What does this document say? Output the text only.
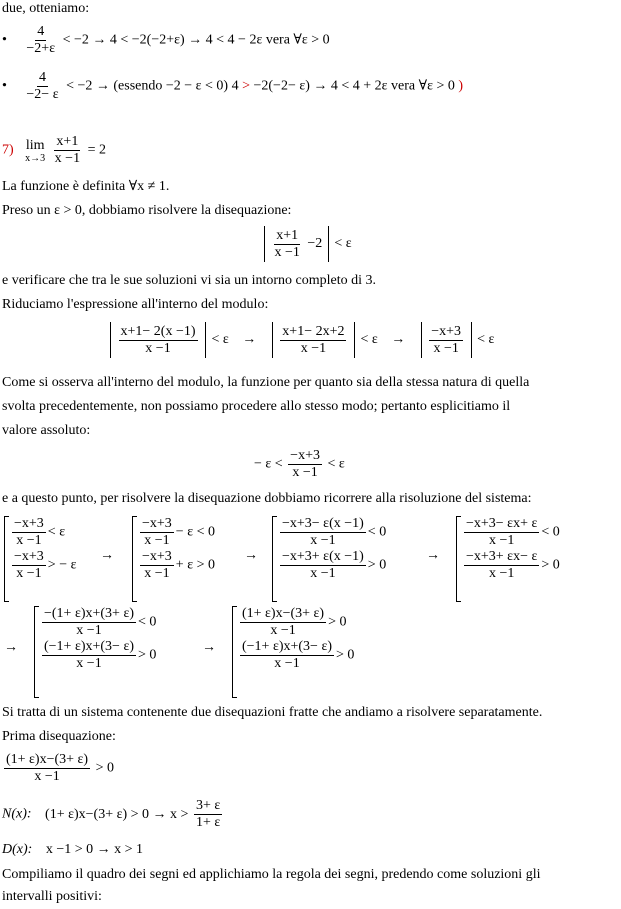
due, otteniamo:
• $\frac{4}{-2+\varepsilon} < -2 \to 4 < -2(-2+\varepsilon) \to 4 < 4 - 2\varepsilon$ vera ∀ε > 0
• $\frac{4}{-2- \varepsilon} < -2$ → (essendo −2 − ε < 0) 4 > −2(−2− ε) → 4 < 4 + 2ε vera ∀ε > 0 )
7) lim
x→3
$\frac{x+1}{x -1} = 2$
La funzione è definita ∀x ≠ 1.
Preso un ε > 0, dobbiamo risolvere la disequazione:

$\frac{x+1}{x -1} -2 < \varepsilon$
e verificare che tra le sue soluzioni vi sia un intorno completo di 3.
Riduciamo l'espressione all'interno del modulo:

$\frac{x+1- 2(x -1)}{x -1} < \varepsilon \to \frac{x+1- 2x+2}{x -1} < \varepsilon \to \frac{-x+3}{x -1} < \varepsilon$
Come si osserva all'interno del modulo, la funzione per quanto sia della stessa natura di quella
svolta precedentemente, non possiamo procedere allo stesso modo; pertanto esplicitiamo il
valore assoluto:
− $\varepsilon < \frac{-x+3}{x -1} < \varepsilon$
e a questo punto, per risolvere la disequazione dobbiamo ricorrere alla risoluzione del sistema:
$\frac{-x+3}{x -1} < \varepsilon$
$\frac{-x+3}{x -1}$ > − ε
→
$\frac{-x+3}{x -1} - \varepsilon < 0$
$\frac{-x+3}{x -1} + \varepsilon > 0$
→
$\frac{-x+3- \varepsilon(x -1)}{x -1} < 0$
$\frac{-x+3+ \varepsilon(x -1)}{x -1} > 0$
→
$\frac{-x+3- \varepsilon x+ \varepsilon}{x -1} < 0$
$\frac{-x+3+ \varepsilon x- \varepsilon}{x -1} > 0$
→
$\frac{-(1+ \varepsilon)x+(3+ \varepsilon)}{x -1} < 0$
$\frac{(-1+ \varepsilon)x+(3- \varepsilon)}{x -1} > 0$
→
$\frac{(1+ \varepsilon)x-(3+ \varepsilon)}{x -1} > 0$
$\frac{(-1+ \varepsilon)x+(3- \varepsilon)}{x -1} > 0$
Si tratta di un sistema contenente due disequazioni fratte che andiamo a risolvere separatamente.
Prima disequazione:
$\frac{(1+ \varepsilon)x-(3+ \varepsilon)}{x -1} > 0$
N(x): $(1+ \varepsilon)x-(3+ \varepsilon) > 0 \to x > \frac{3+ \varepsilon}{1+ \varepsilon}$
D(x): x −1 > 0 → x > 1
Compiliamo il quadro dei segni ed applichiamo la regola dei segni, predendo come soluzioni gli
intervalli positivi:
